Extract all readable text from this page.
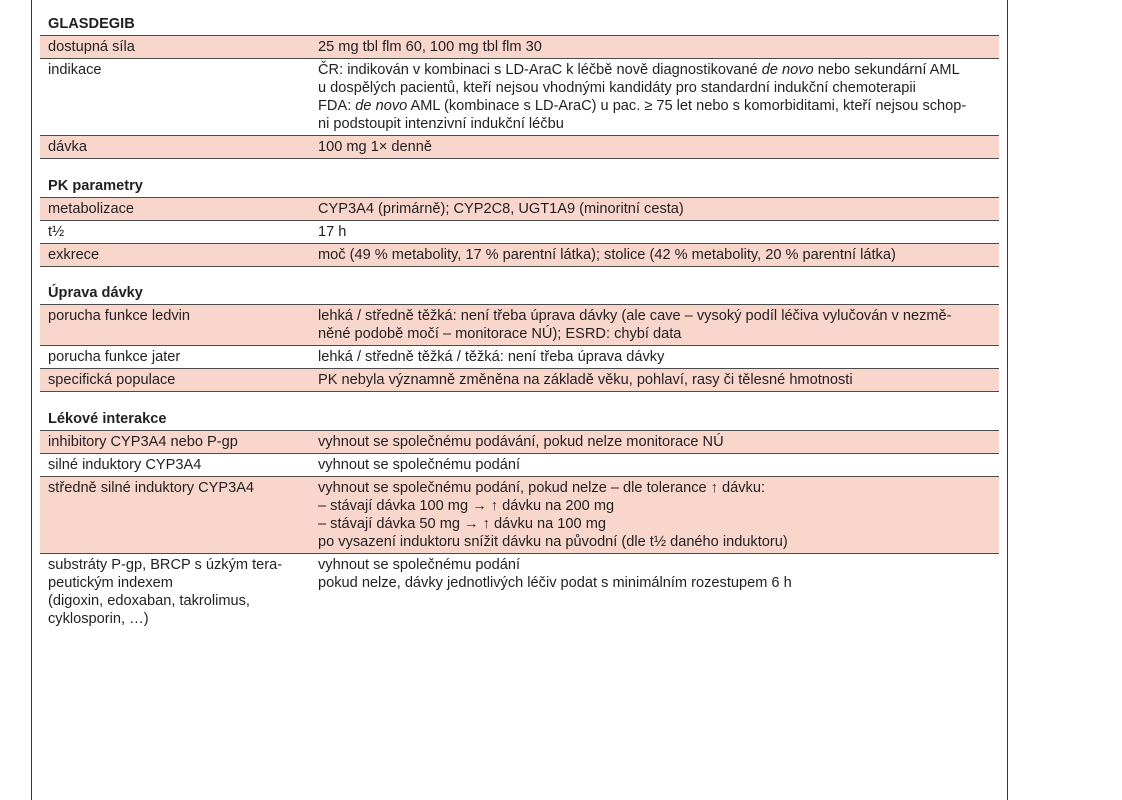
GLASDEGIB	

dostupná síla	25 mg tbl flm 60, 100 mg tbl flm 30

indikace	ČR: indikován v kombinaci s LD-AraC k léčbě nově diagnostikované de novo nebo sekundární AML
u dospělých pacientů, kteří nejsou vhodnými kandidáty pro standardní indukční chemoterapii
FDA: de novo AML (kombinace s LD-AraC) u pac. ≥ 75 let nebo s komorbiditami, kteří nejsou schop-
ni podstoupit intenzivní indukční léčbu

dávka	100 mg 1× denně

PK parametry	

metabolizace	CYP3A4 (primárně); CYP2C8, UGT1A9 (minoritní cesta)

t½	17 h

exkrece	moč (49 % metabolity, 17 % parentní látka); stolice (42 % metabolity, 20 % parentní látka)

Úprava dávky	

porucha funkce ledvin	lehká / středně těžká: není třeba úprava dávky (ale cave – vysoký podíl léčiva vylučován v nezmě-
něné podobě močí – monitorace NÚ); ESRD: chybí data

porucha funkce jater	lehká / středně těžká / těžká: není třeba úprava dávky

specifická populace	PK nebyla významně změněna na základě věku, pohlaví, rasy či tělesné hmotnosti

Lékové interakce	

inhibitory CYP3A4 nebo P-gp	vyhnout se společnému podávání, pokud nelze monitorace NÚ

silné induktory CYP3A4	vyhnout se společnému podání

středně silné induktory CYP3A4	vyhnout se společnému podání, pokud nelze – dle tolerance ↑ dávku:
– stávají dávka 100 mg → ↑ dávku na 200 mg
– stávají dávka 50 mg → ↑ dávku na 100 mg
po vysazení induktoru snížit dávku na původní (dle t½ daného induktoru)

substráty P-gp, BRCP s úzkým tera-
peutickým indexem
(digoxin, edoxaban, takrolimus,
cyklosporin, …)	vyhnout se společnému podání
pokud nelze, dávky jednotlivých léčiv podat s minimálním rozestupem 6 h
